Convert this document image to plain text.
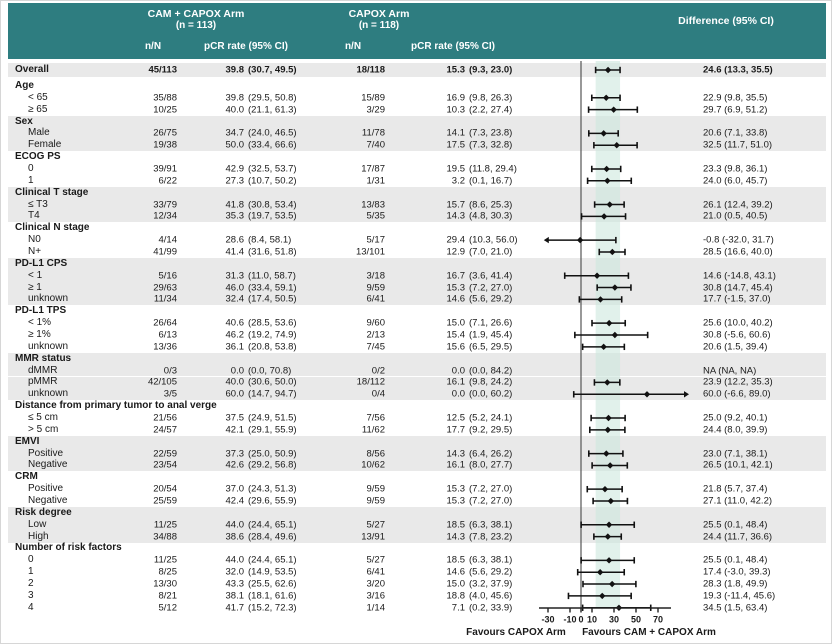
CAM + CAPOX Arm
(n = 113)
CAPOX Arm
(n = 118)	Difference (95% CI)
n/N	pCR rate (95% CI)	n/N	pCR rate (95% CI)
Overall	45/113	39.8 (30.7, 49.5)	18/118	15.3 (9.3, 23.0)	24.6 (13.3, 35.5)
Age
< 65	35/88	39.8 (29.5, 50.8)	15/89	16.9 (9.8, 26.3)	22.9 (9.8, 35.5)
≥ 65	10/25	40.0 (21.1, 61.3)	3/29	10.3 (2.2, 27.4)	29.7 (6.9, 51.2)
Sex
Male	26/75	34.7 (24.0, 46.5)	11/78	14.1 (7.3, 23.8)	20.6 (7.1, 33.8)
Female	19/38	50.0 (33.4, 66.6)	7/40	17.5 (7.3, 32.8)	32.5 (11.7, 51.0)
ECOG PS
0	39/91	42.9 (32.5, 53.7)	17/87	19.5 (11.8, 29.4)	23.3 (9.8, 36.1)
1	6/22	27.3 (10.7, 50.2)	1/31	3.2 (0.1, 16.7)	24.0 (6.0, 45.7)
Clinical T stage
≤ T3	33/79	41.8 (30.8, 53.4)	13/83	15.7 (8.6, 25.3)	26.1 (12.4, 39.2)
T4	12/34	35.3 (19.7, 53.5)	5/35	14.3 (4.8, 30.3)	21.0 (0.5, 40.5)
Clinical N stage
N0	4/14	28.6 (8.4, 58.1)	5/17	29.4 (10.3, 56.0)	-0.8 (-32.0, 31.7)
N+	41/99	41.4 (31.6, 51.8)	13/101	12.9 (7.0, 21.0)	28.5 (16.6, 40.0)
PD-L1 CPS
< 1	5/16	31.3 (11.0, 58.7)	3/18	16.7 (3.6, 41.4)	14.6 (-14.8, 43.1)
≥ 1	29/63	46.0 (33.4, 59.1)	9/59	15.3 (7.2, 27.0)	30.8 (14.7, 45.4)
unknown	11/34	32.4 (17.4, 50.5)	6/41	14.6 (5.6, 29.2)	17.7 (-1.5, 37.0)
PD-L1 TPS
< 1%	26/64	40.6 (28.5, 53.6)	9/60	15.0 (7.1, 26.6)	25.6 (10.0, 40.2)
≥ 1%	6/13	46.2 (19.2, 74.9)	2/13	15.4 (1.9, 45.4)	30.8 (-5.6, 60.6)
unknown	13/36	36.1 (20.8, 53.8)	7/45	15.6 (6.5, 29.5)	20.6 (1.5, 39.4)
MMR status
dMMR	0/3	0.0 (0.0, 70.8)	0/2	0.0 (0.0, 84.2)	NA (NA, NA)
pMMR	42/105	40.0 (30.6, 50.0)	18/112	16.1 (9.8, 24.2)	23.9 (12.2, 35.3)
unknown	3/5	60.0 (14.7, 94.7)	0/4	0.0 (0.0, 60.2)	60.0 (-6.6, 89.0)
Distance from primary tumor to anal verge
≤ 5 cm	21/56	37.5 (24.9, 51.5)	7/56	12.5 (5.2, 24.1)	25.0 (9.2, 40.1)
> 5 cm	24/57	42.1 (29.1, 55.9)	11/62	17.7 (9.2, 29.5)	24.4 (8.0, 39.9)
EMVI
Positive	22/59	37.3 (25.0, 50.9)	8/56	14.3 (6.4, 26.2)	23.0 (7.1, 38.1)
Negative	23/54	42.6 (29.2, 56.8)	10/62	16.1 (8.0, 27.7)	26.5 (10.1, 42.1)
CRM
Positive	20/54	37.0 (24.3, 51.3)	9/59	15.3 (7.2, 27.0)	21.8 (5.7, 37.4)
Negative	25/59	42.4 (29.6, 55.9)	9/59	15.3 (7.2, 27.0)	27.1 (11.0, 42.2)
Risk degree
Low	11/25	44.0 (24.4, 65.1)	5/27	18.5 (6.3, 38.1)	25.5 (0.1, 48.4)
High	34/88	38.6 (28.4, 49.6)	13/91	14.3 (7.8, 23.2)	24.4 (11.7, 36.6)
Number of risk factors
0	11/25	44.0 (24.4, 65.1)	5/27	18.5 (6.3, 38.1)	25.5 (0.1, 48.4)
1	8/25	32.0 (14.9, 53.5)	6/41	14.6 (5.6, 29.2)	17.4 (-3.0, 39.3)
2	13/30	43.3 (25.5, 62.6)	3/20	15.0 (3.2, 37.9)	28.3 (1.8, 49.9)
3	8/21	38.1 (18.1, 61.6)	3/16	18.8 (4.0, 45.6)	19.3 (-11.4, 45.6)
4	5/12	41.7 (15.2, 72.3)	1/14	7.1 (0.2, 33.9)	34.5 (1.5, 63.4)
-30 -10 0 10 30 50 70
Favours CAPOX Arm	Favours CAM + CAPOX Arm
